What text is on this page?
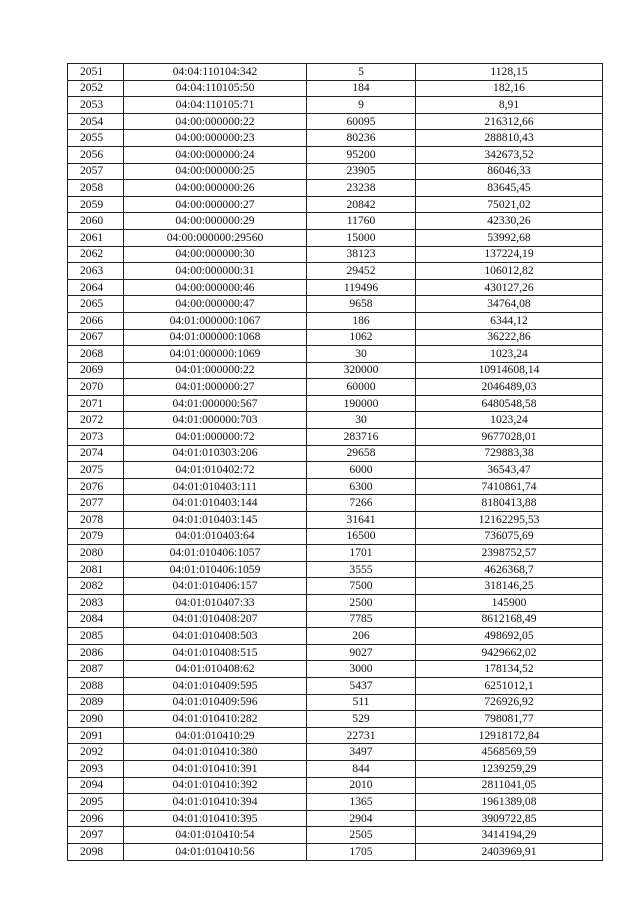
2051	04:04:110104:342	5	1128,15
2052	04:04:110105:50	184	182,16
2053	04:04:110105:71	9	8,91
2054	04:00:000000:22	60095	216312,66
2055	04:00:000000:23	80236	288810,43
2056	04:00:000000:24	95200	342673,52
2057	04:00:000000:25	23905	86046,33
2058	04:00:000000:26	23238	83645,45
2059	04:00:000000:27	20842	75021,02
2060	04:00:000000:29	11760	42330,26
2061	04:00:000000:29560	15000	53992,68
2062	04:00:000000:30	38123	137224,19
2063	04:00:000000:31	29452	106012,82
2064	04:00:000000:46	119496	430127,26
2065	04:00:000000:47	9658	34764,08
2066	04:01:000000:1067	186	6344,12
2067	04:01:000000:1068	1062	36222,86
2068	04:01:000000:1069	30	1023,24
2069	04:01:000000:22	320000	10914608,14
2070	04:01:000000:27	60000	2046489,03
2071	04:01:000000:567	190000	6480548,58
2072	04:01:000000:703	30	1023,24
2073	04:01:000000:72	283716	9677028,01
2074	04:01:010303:206	29658	729883,38
2075	04:01:010402:72	6000	36543,47
2076	04:01:010403:111	6300	7410861,74
2077	04:01:010403:144	7266	8180413,88
2078	04:01:010403:145	31641	12162295,53
2079	04:01:010403:64	16500	736075,69
2080	04:01:010406:1057	1701	2398752,57
2081	04:01:010406:1059	3555	4626368,7
2082	04:01:010406:157	7500	318146,25
2083	04:01:010407:33	2500	145900
2084	04:01:010408:207	7785	8612168,49
2085	04:01:010408:503	206	498692,05
2086	04:01:010408:515	9027	9429662,02
2087	04:01:010408:62	3000	178134,52
2088	04:01:010409:595	5437	6251012,1
2089	04:01:010409:596	511	726926,92
2090	04:01:010410:282	529	798081,77
2091	04:01:010410:29	22731	12918172,84
2092	04:01:010410:380	3497	4568569,59
2093	04:01:010410:391	844	1239259,29
2094	04:01:010410:392	2010	2811041,05
2095	04:01:010410:394	1365	1961389,08
2096	04:01:010410:395	2904	3909722,85
2097	04:01:010410:54	2505	3414194,29
2098	04:01:010410:56	1705	2403969,91
